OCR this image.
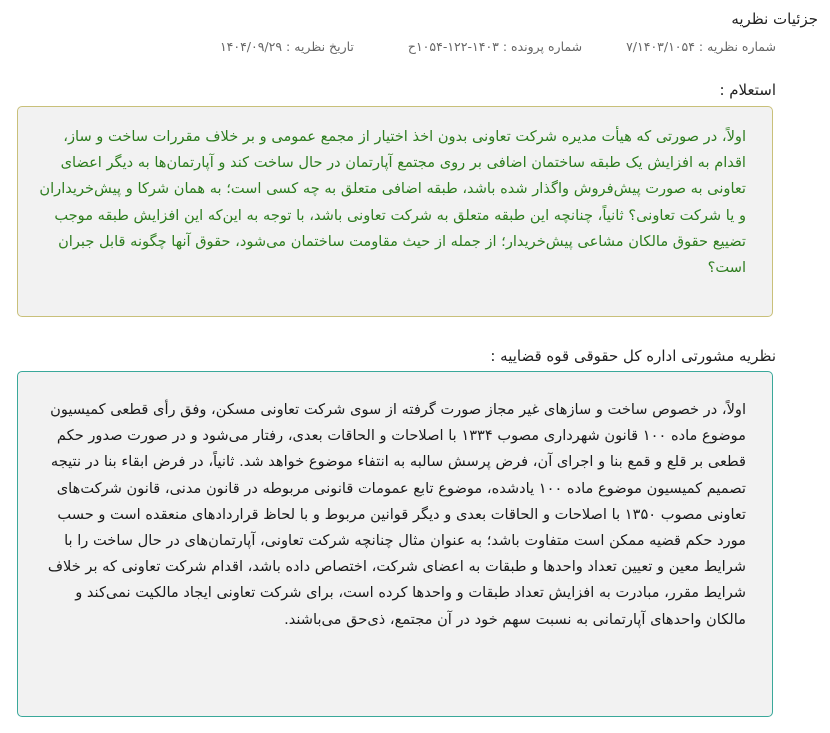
جزئیات نظریه
شماره نظریه : ۷/۱۴۰۳/۱۰۵۴ شماره پرونده : ۱۴۰۳-۱۲۲-۱۰۵۴ح تاریخ نظریه : ۱۴۰۴/۰۹/۲۹
استعلام :
اولاً، در صورتی که هیأت مدیره شرکت تعاونی بدون اخذ اختیار از مجمع عمومی و بر خلاف مقررات ساخت و ساز، اقدام به افزایش یک طبقه ساختمان اضافی بر روی مجتمع آپارتمان در حال ساخت کند و آپارتمان‌ها به دیگر اعضای تعاونی به صورت پیش‌فروش واگذار شده باشد، طبقه اضافی متعلق به چه کسی است؛ به همان شرکا و پیش‌خریداران و یا شرکت تعاونی؟ ثانیاً، چنانچه این طبقه متعلق به شرکت تعاونی باشد، با توجه به این‌که این افزایش طبقه موجب تضییع حقوق مالکان مشاعی پیش‌خریدار؛ از جمله از حیث مقاومت ساختمان می‌شود، حقوق آنها چگونه قابل جبران است؟
نظریه مشورتی اداره کل حقوقی قوه قضاییه :
اولاً، در خصوص ساخت و سازهای غیر مجاز صورت گرفته از سوی شرکت تعاونی مسکن، وفق رأی قطعی کمیسیون موضوع ماده ۱۰۰ قانون شهرداری مصوب ۱۳۳۴ با اصلاحات و الحاقات بعدی، رفتار می‌شود و در صورت صدور حکم قطعی بر قلع و قمع بنا و اجرای آن، فرض پرسش سالبه به انتفاء موضوع خواهد شد. ثانیاً، در فرض ابقاء بنا در نتیجه تصمیم کمیسیون موضوع ماده ۱۰۰ یادشده، موضوع تابع عمومات قانونی مربوطه در قانون مدنی، قانون شرکت‌های تعاونی مصوب ۱۳۵۰ با اصلاحات و الحاقات بعدی و دیگر قوانین مربوط و با لحاظ قراردادهای منعقده است و حسب مورد حکم قضیه ممکن است متفاوت باشد؛ به عنوان مثال چنانچه شرکت تعاونی، آپارتمان‌های در حال ساخت را با شرایط معین و تعیین تعداد واحدها و طبقات به اعضای شرکت، اختصاص داده باشد، اقدام شرکت تعاونی که بر خلاف شرایط مقرر، مبادرت به افزایش تعداد طبقات و واحدها کرده است، برای شرکت تعاونی ایجاد مالکیت نمی‌کند و مالکان واحدهای آپارتمانی به نسبت سهم خود در آن مجتمع، ذی‌حق می‌باشند.
